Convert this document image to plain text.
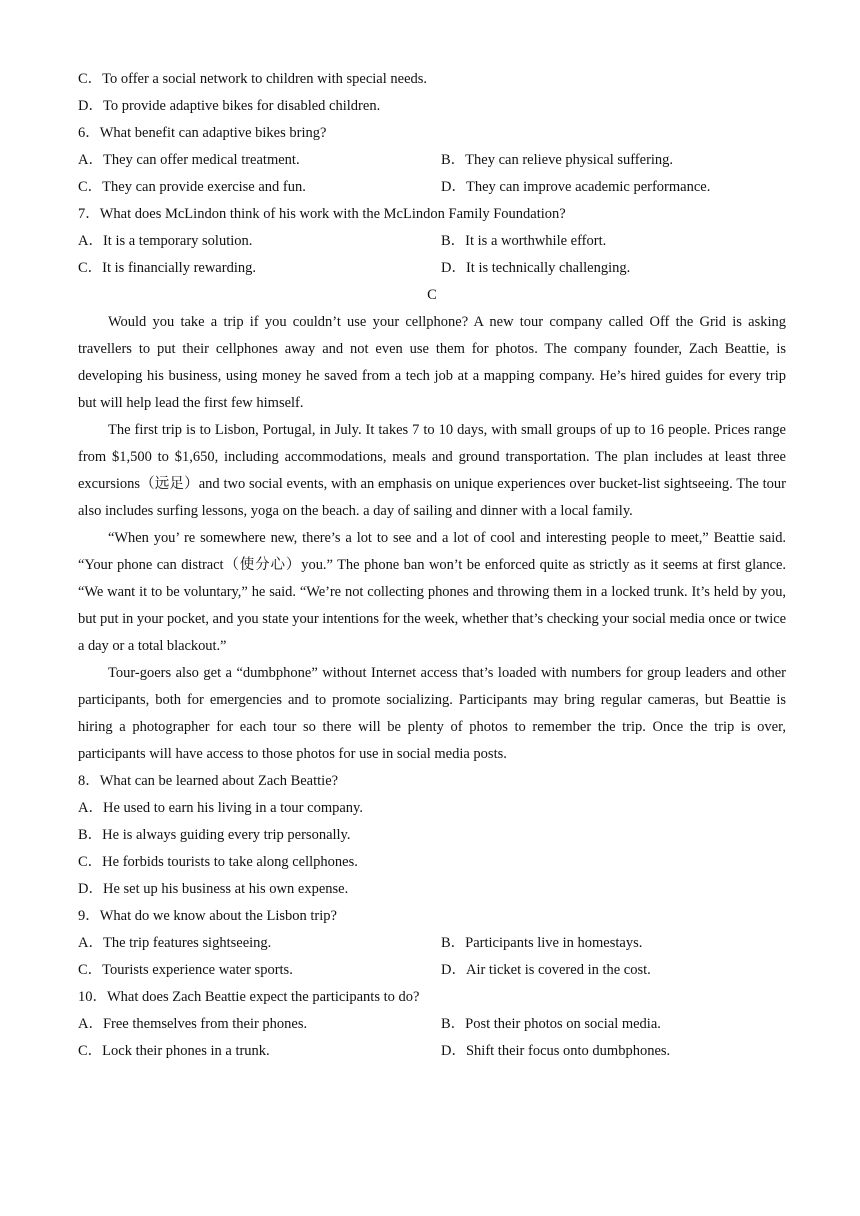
C．To offer a social network to children with special needs.
D．To provide adaptive bikes for disabled children.
6．What benefit can adaptive bikes bring?
A．They can offer medical treatment.	B．They can relieve physical suffering.
C．They can provide exercise and fun.	D．They can improve academic performance.
7．What does McLindon think of his work with the McLindon Family Foundation?
A．It is a temporary solution.	B．It is a worthwhile effort.
C．It is financially rewarding.	D．It is technically challenging.
C

Would you take a trip if you couldn’t use your cellphone? A new tour company called Off the Grid is asking travellers to put their cellphones away and not even use them for photos. The company founder, Zach Beattie, is developing his business, using money he saved from a tech job at a mapping company. He’s hired guides for every trip but will help lead the first few himself.

The first trip is to Lisbon, Portugal, in July. It takes 7 to 10 days, with small groups of up to 16 people. Prices range from $1,500 to $1,650, including accommodations, meals and ground transportation. The plan includes at least three excursions（远足）and two social events, with an emphasis on unique experiences over bucket-list sightseeing. The tour also includes surfing lessons, yoga on the beach. a day of sailing and dinner with a local family.

“When you’ re somewhere new, there’s a lot to see and a lot of cool and interesting people to meet,” Beattie said. “Your phone can distract（使分心）you.” The phone ban won’t be enforced quite as strictly as it seems at first glance. “We want it to be voluntary,” he said. “We’re not collecting phones and throwing them in a locked trunk. It’s held by you, but put in your pocket, and you state your intentions for the week, whether that’s checking your social media once or twice a day or a total blackout.”

Tour-goers also get a “dumbphone” without Internet access that’s loaded with numbers for group leaders and other participants, both for emergencies and to promote socializing. Participants may bring regular cameras, but Beattie is hiring a photographer for each tour so there will be plenty of photos to remember the trip. Once the trip is over, participants will have access to those photos for use in social media posts.

8．What can be learned about Zach Beattie?
A．He used to earn his living in a tour company.
B．He is always guiding every trip personally.
C．He forbids tourists to take along cellphones.
D．He set up his business at his own expense.
9．What do we know about the Lisbon trip?
A．The trip features sightseeing.	B．Participants live in homestays.
C．Tourists experience water sports.	D．Air ticket is covered in the cost.
10．What does Zach Beattie expect the participants to do?
A．Free themselves from their phones.	B．Post their photos on social media.
C．Lock their phones in a trunk.	D．Shift their focus onto dumbphones.
